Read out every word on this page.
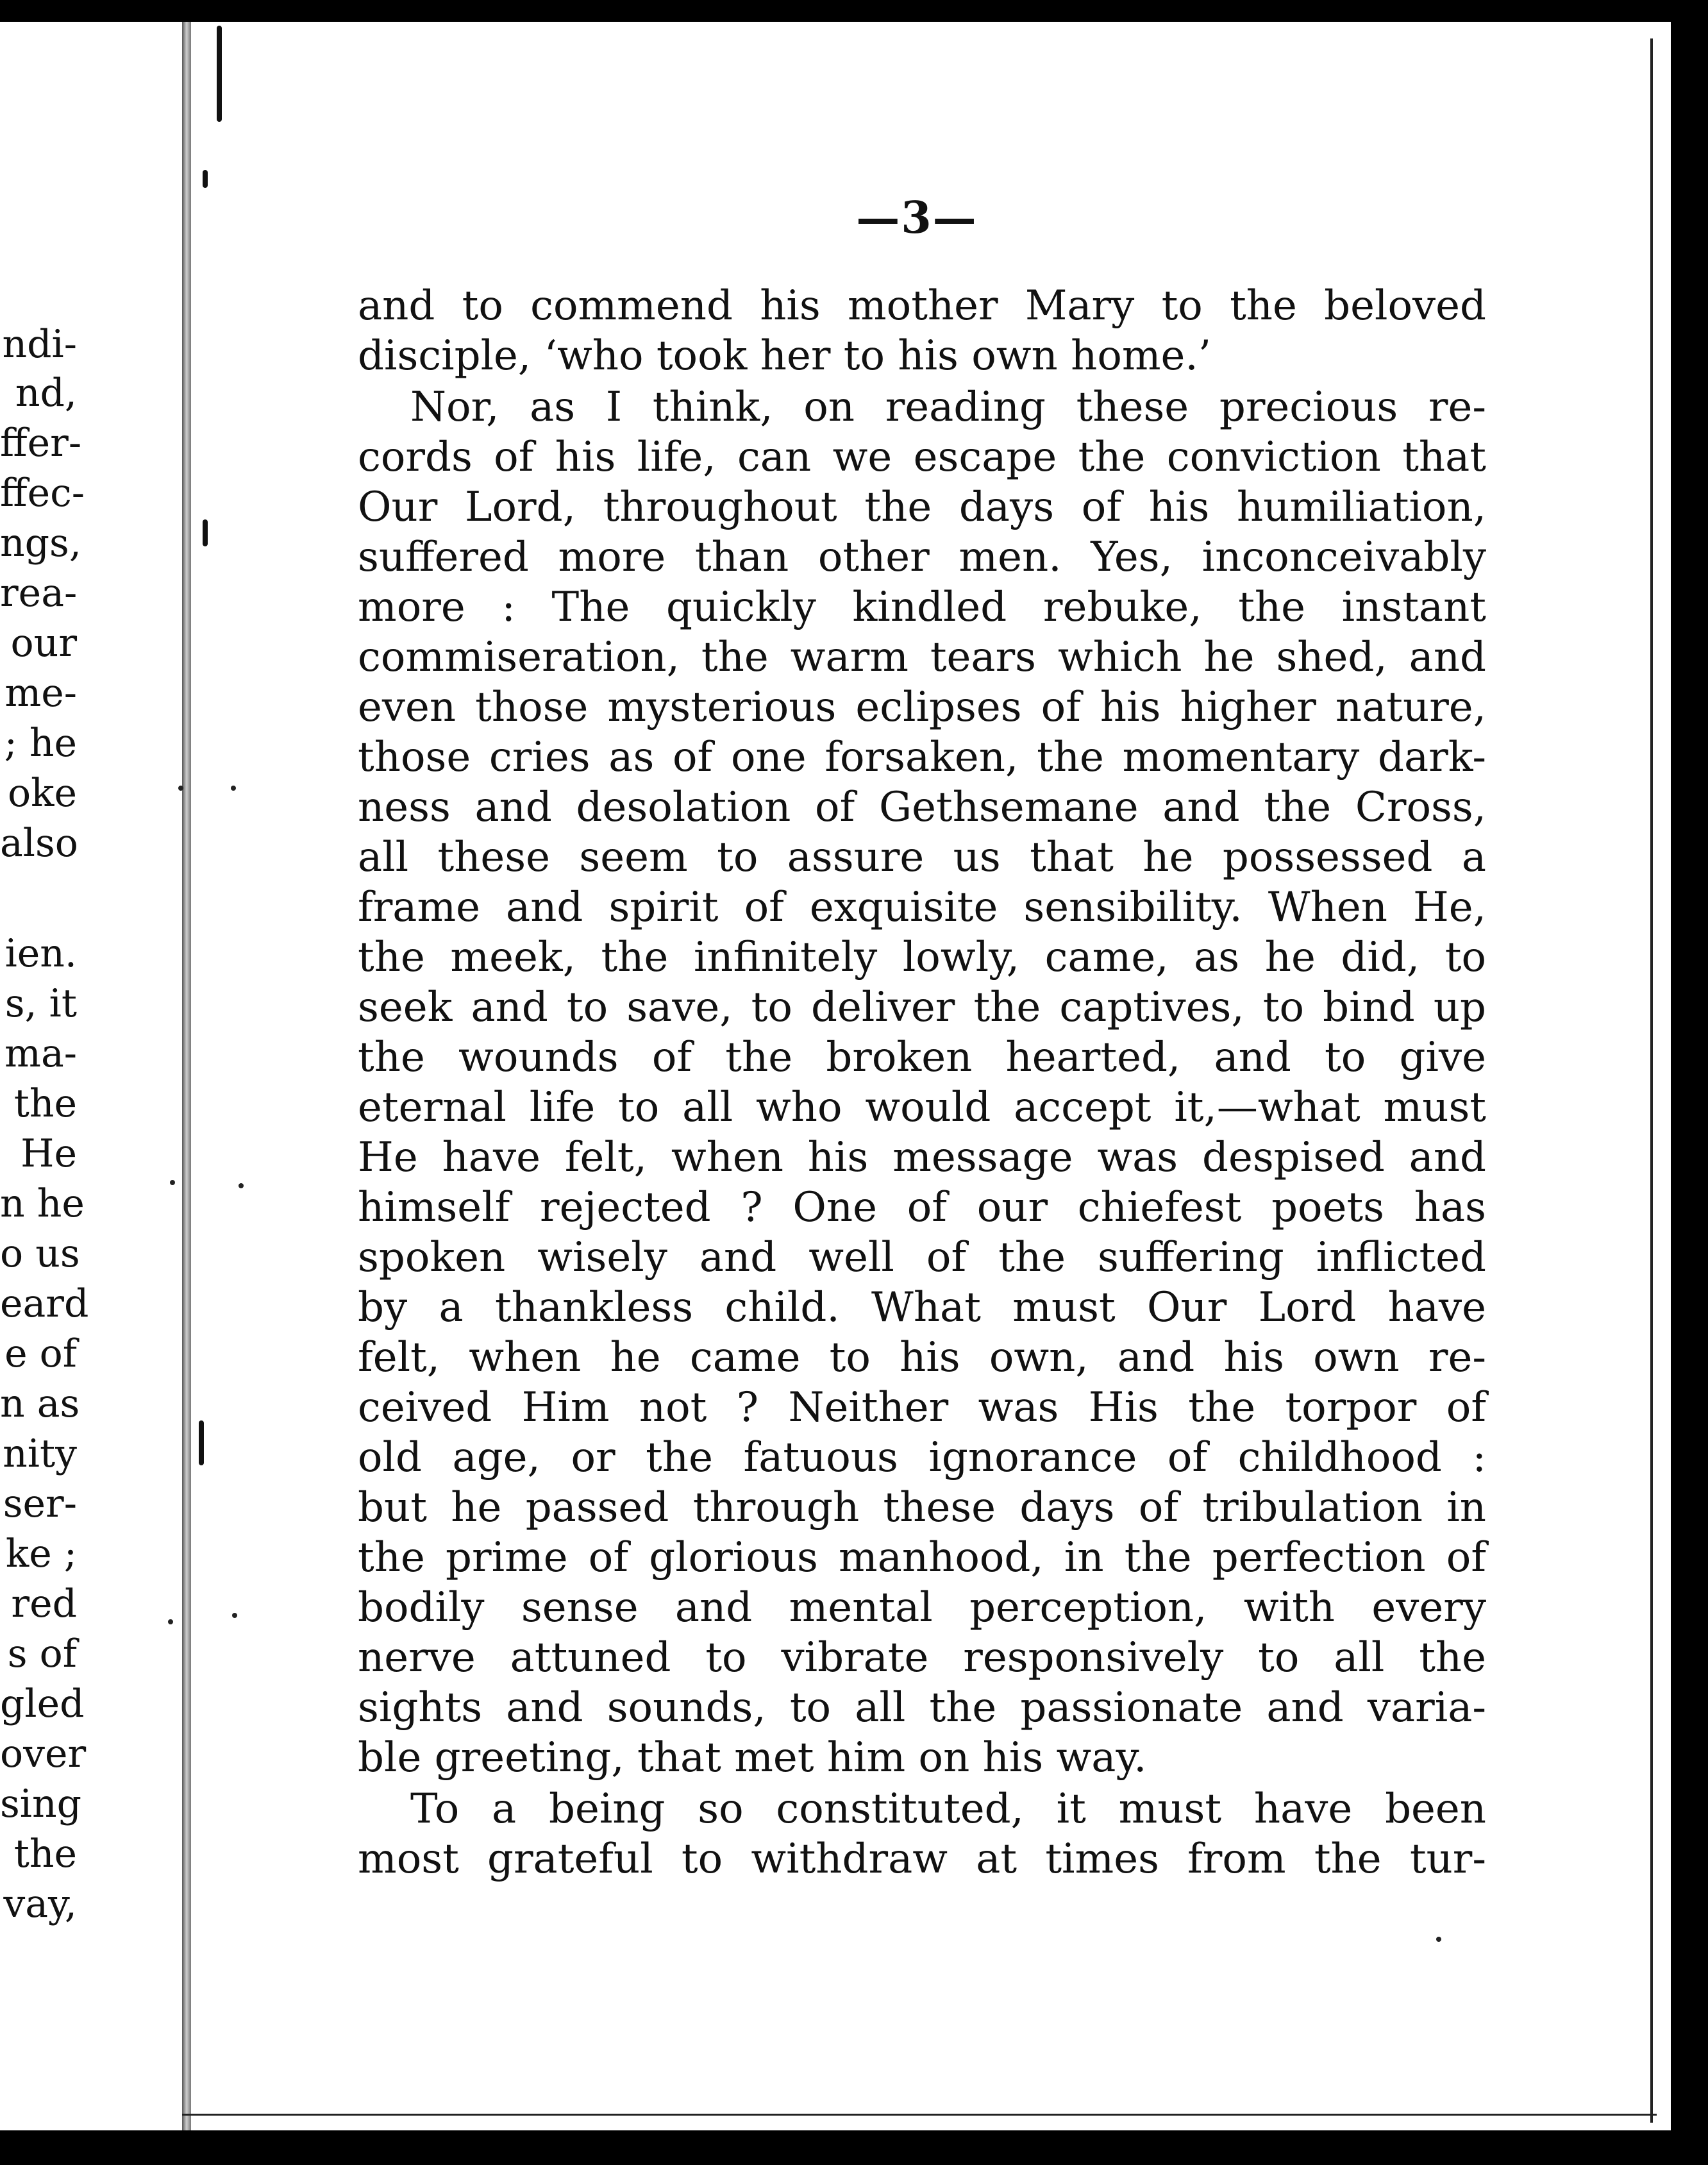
ndi-
nd,
ffer-
ffec-
ngs,
rea-
our
me-
; he
oke
also
ien.
s, it
ma-
the
He
n he
o us
eard
e of
n as
nity
ser-
ke ;
red
s of
gled
over
sing
the
vay,
—3—
and to commend his mother Mary to the beloved
disciple, ‘who took her to his own home.’
Nor, as I think, on reading these precious re-
cords of his life, can we escape the conviction that
Our Lord, throughout the days of his humiliation,
suffered more than other men. Yes, inconceivably
more : The quickly kindled rebuke, the instant
commiseration, the warm tears which he shed, and
even those mysterious eclipses of his higher nature,
those cries as of one forsaken, the momentary dark-
ness and desolation of Gethsemane and the Cross,
all these seem to assure us that he possessed a
frame and spirit of exquisite sensibility. When He,
the meek, the infinitely lowly, came, as he did, to
seek and to save, to deliver the captives, to bind up
the wounds of the broken hearted, and to give
eternal life to all who would accept it,—what must
He have felt, when his message was despised and
himself rejected ? One of our chiefest poets has
spoken wisely and well of the suffering inflicted
by a thankless child. What must Our Lord have
felt, when he came to his own, and his own re-
ceived Him not ? Neither was His the torpor of
old age, or the fatuous ignorance of childhood :
but he passed through these days of tribulation in
the prime of glorious manhood, in the perfection of
bodily sense and mental perception, with every
nerve attuned to vibrate responsively to all the
sights and sounds, to all the passionate and varia-
ble greeting, that met him on his way.
To a being so constituted, it must have been
most grateful to withdraw at times from the tur-
